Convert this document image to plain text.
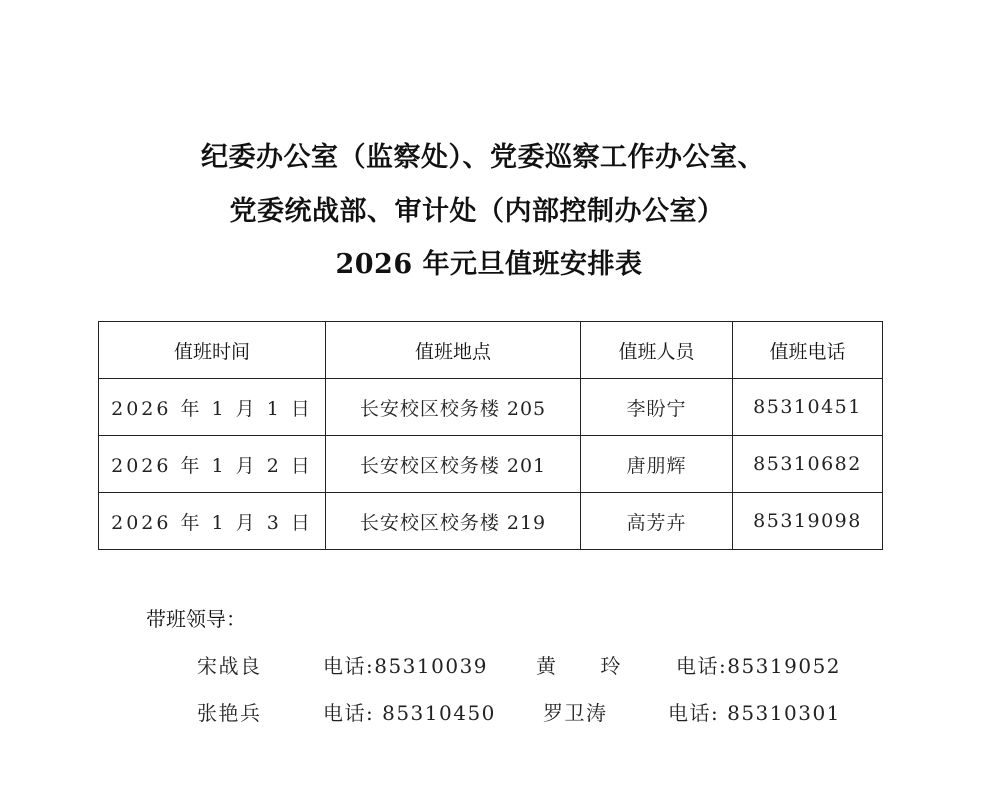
纪委办公室（监察处）、党委巡察工作办公室、
党委统战部、审计处（内部控制办公室）
2026 年元旦值班安排表
值班时间	值班地点	值班人员	值班电话
2026 年 1 月 1 日	长安校区校务楼 205	李盼宁	85310451
2026 年 1 月 2 日	长安校区校务楼 201	唐朋辉	85310682
2026 年 1 月 3 日	长安校区校务楼 219	高芳卉	85319098
带班领导：
宋战良	电话:85310039 黄　　玲	电话:85319052
张艳兵	电话: 85310450 罗卫涛	电话: 85310301
